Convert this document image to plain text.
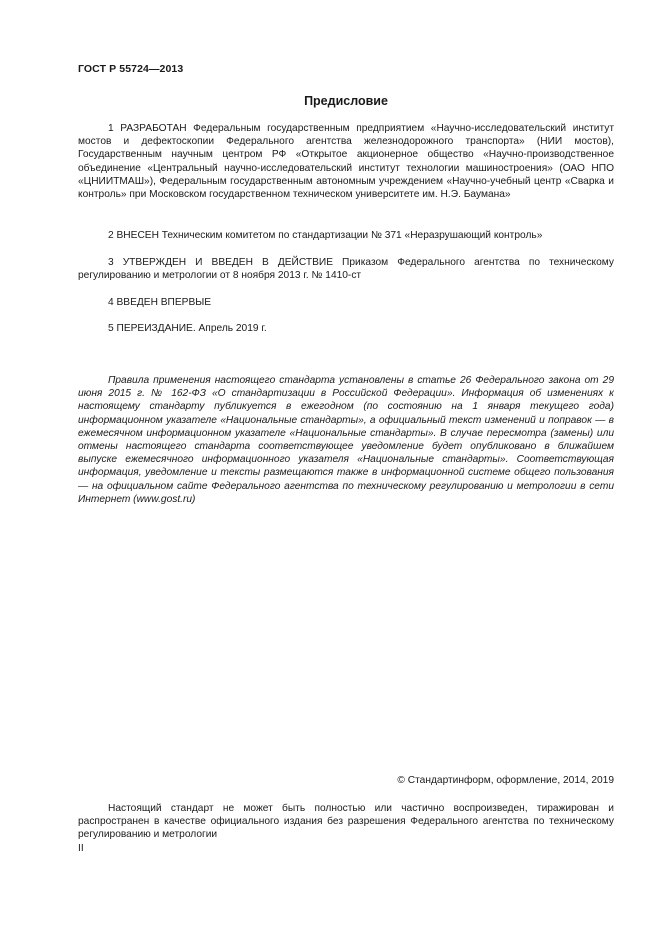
ГОСТ Р 55724—2013
Предисловие
1 РАЗРАБОТАН Федеральным государственным предприятием «Научно-исследовательский институт мостов и дефектоскопии Федерального агентства железнодорожного транспорта» (НИИ мостов), Государственным научным центром РФ «Открытое акционерное общество «Научно-производственное объединение «Центральный научно-исследовательский институт технологии машиностроения» (ОАО НПО «ЦНИИТМАШ»), Федеральным государственным автономным учреждением «Научно-учебный центр «Сварка и контроль» при Московском государственном техническом университете им. Н.Э. Баумана»
2 ВНЕСЕН Техническим комитетом по стандартизации № 371 «Неразрушающий контроль»
3 УТВЕРЖДЕН И ВВЕДЕН В ДЕЙСТВИЕ Приказом Федерального агентства по техническому регулированию и метрологии от 8 ноября 2013 г. № 1410-ст
4 ВВЕДЕН ВПЕРВЫЕ
5 ПЕРЕИЗДАНИЕ. Апрель 2019 г.
Правила применения настоящего стандарта установлены в статье 26 Федерального закона от 29 июня 2015 г. № 162-ФЗ «О стандартизации в Российской Федерации». Информация об изменениях к настоящему стандарту публикуется в ежегодном (по состоянию на 1 января текущего года) информационном указателе «Национальные стандарты», а официальный текст изменений и поправок — в ежемесячном информационном указателе «Национальные стандарты». В случае пересмотра (замены) или отмены настоящего стандарта соответствующее уведомление будет опубликовано в ближайшем выпуске ежемесячного информационного указателя «Национальные стандарты». Соответствующая информация, уведомление и тексты размещаются также в информационной системе общего пользования — на официальном сайте Федерального агентства по техническому регулированию и метрологии в сети Интернет (www.gost.ru)
© Стандартинформ, оформление, 2014, 2019
Настоящий стандарт не может быть полностью или частично воспроизведен, тиражирован и распространен в качестве официального издания без разрешения Федерального агентства по техническому регулированию и метрологии
II
